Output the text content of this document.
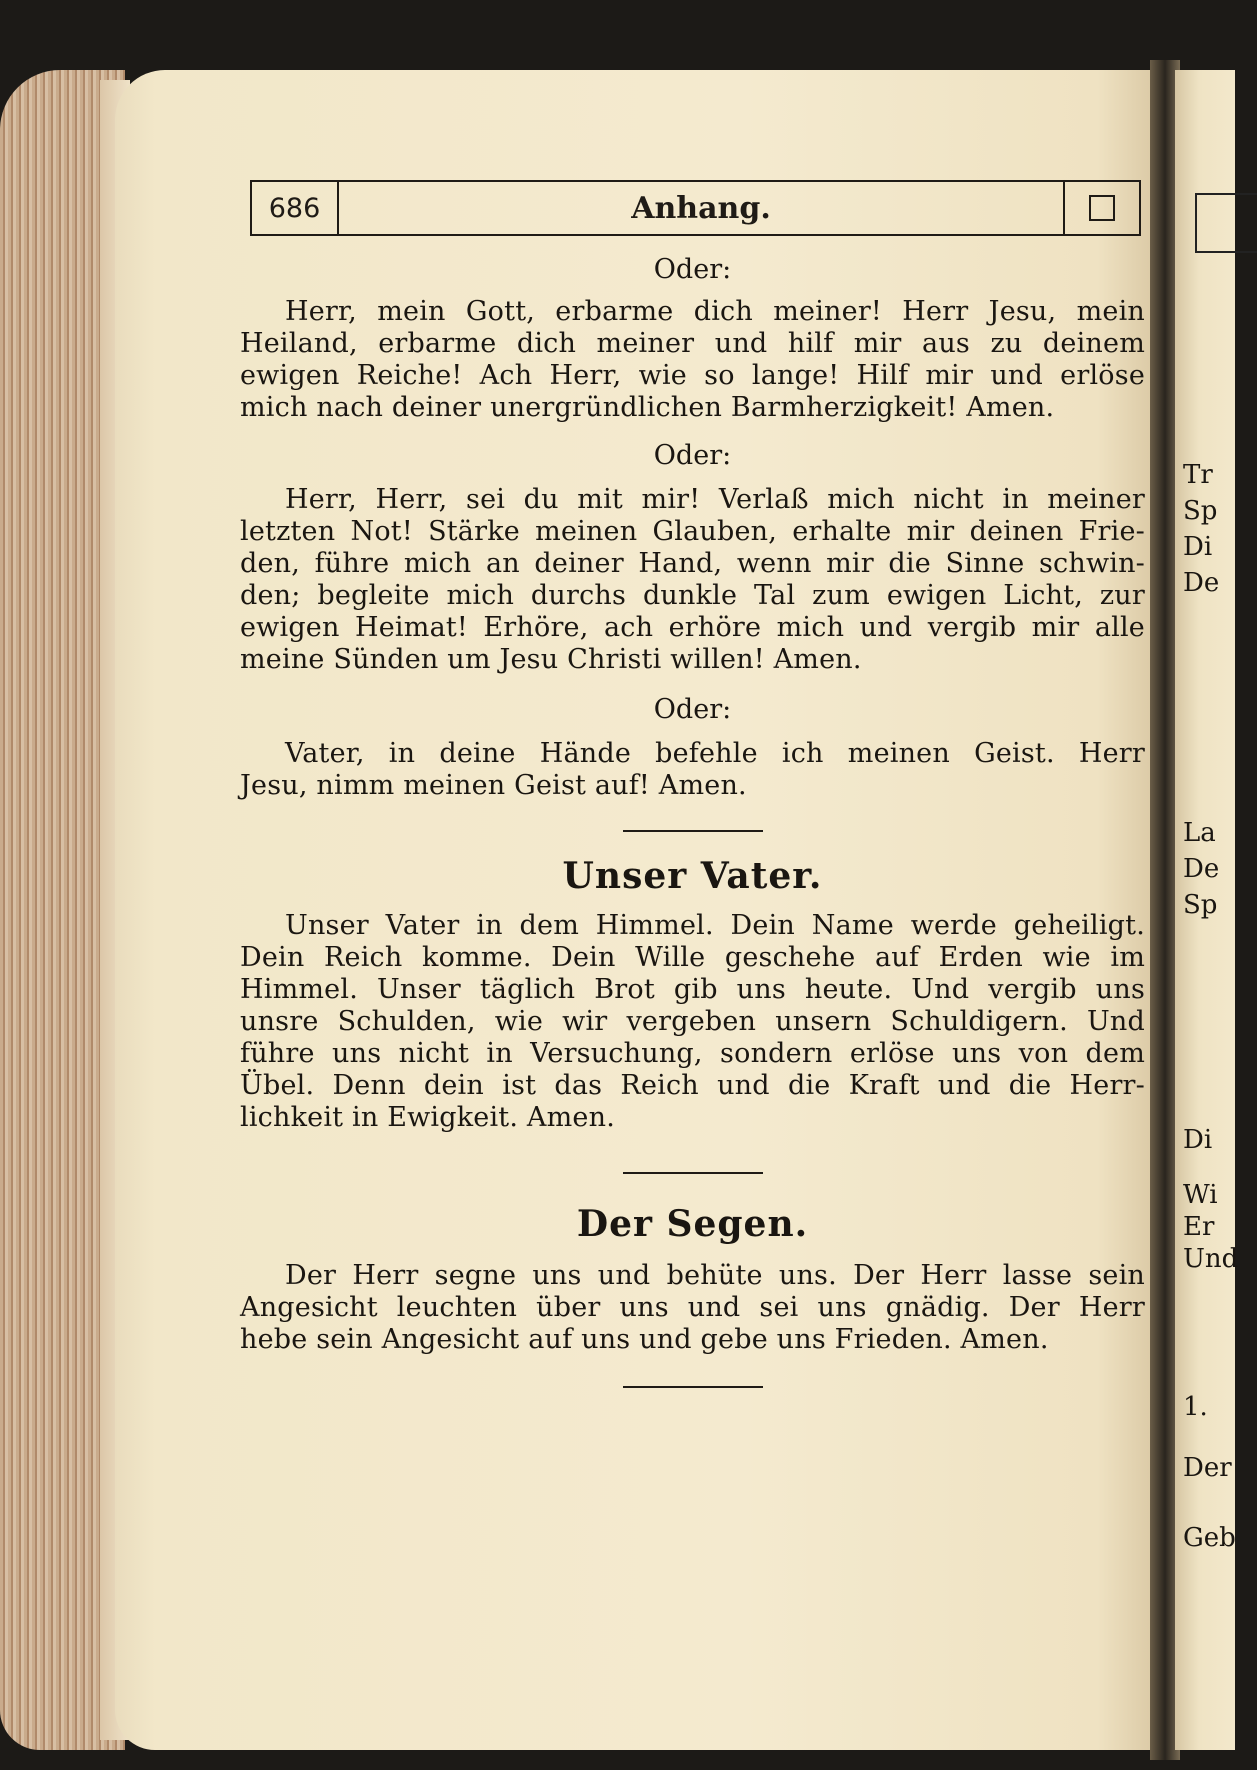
686	Anhang.
Oder:
Herr, mein Gott, erbarme dich meiner! Herr Jesu, mein
Heiland, erbarme dich meiner und hilf mir aus zu deinem
ewigen Reiche! Ach Herr, wie so lange! Hilf mir und erlöse
mich nach deiner unergründlichen Barmherzigkeit! Amen.
Oder:
Herr, Herr, sei du mit mir! Verlaß mich nicht in meiner
letzten Not! Stärke meinen Glauben, erhalte mir deinen Frie-
den, führe mich an deiner Hand, wenn mir die Sinne schwin-
den; begleite mich durchs dunkle Tal zum ewigen Licht, zur
ewigen Heimat! Erhöre, ach erhöre mich und vergib mir alle
meine Sünden um Jesu Christi willen! Amen.
Oder:
Vater, in deine Hände befehle ich meinen Geist. Herr
Jesu, nimm meinen Geist auf! Amen.
Unser Vater.
Unser Vater in dem Himmel. Dein Name werde geheiligt.
Dein Reich komme. Dein Wille geschehe auf Erden wie im
Himmel. Unser täglich Brot gib uns heute. Und vergib uns
unsre Schulden, wie wir vergeben unsern Schuldigern. Und
führe uns nicht in Versuchung, sondern erlöse uns von dem
Übel. Denn dein ist das Reich und die Kraft und die Herr-
lichkeit in Ewigkeit. Amen.
Der Segen.
Der Herr segne uns und behüte uns. Der Herr lasse sein
Angesicht leuchten über uns und sei uns gnädig. Der Herr
hebe sein Angesicht auf uns und gebe uns Frieden. Amen.
Tr
Sp
Di
De
La
De
Sp
Di
Wi
Er
Und
1.
Der
Geb
